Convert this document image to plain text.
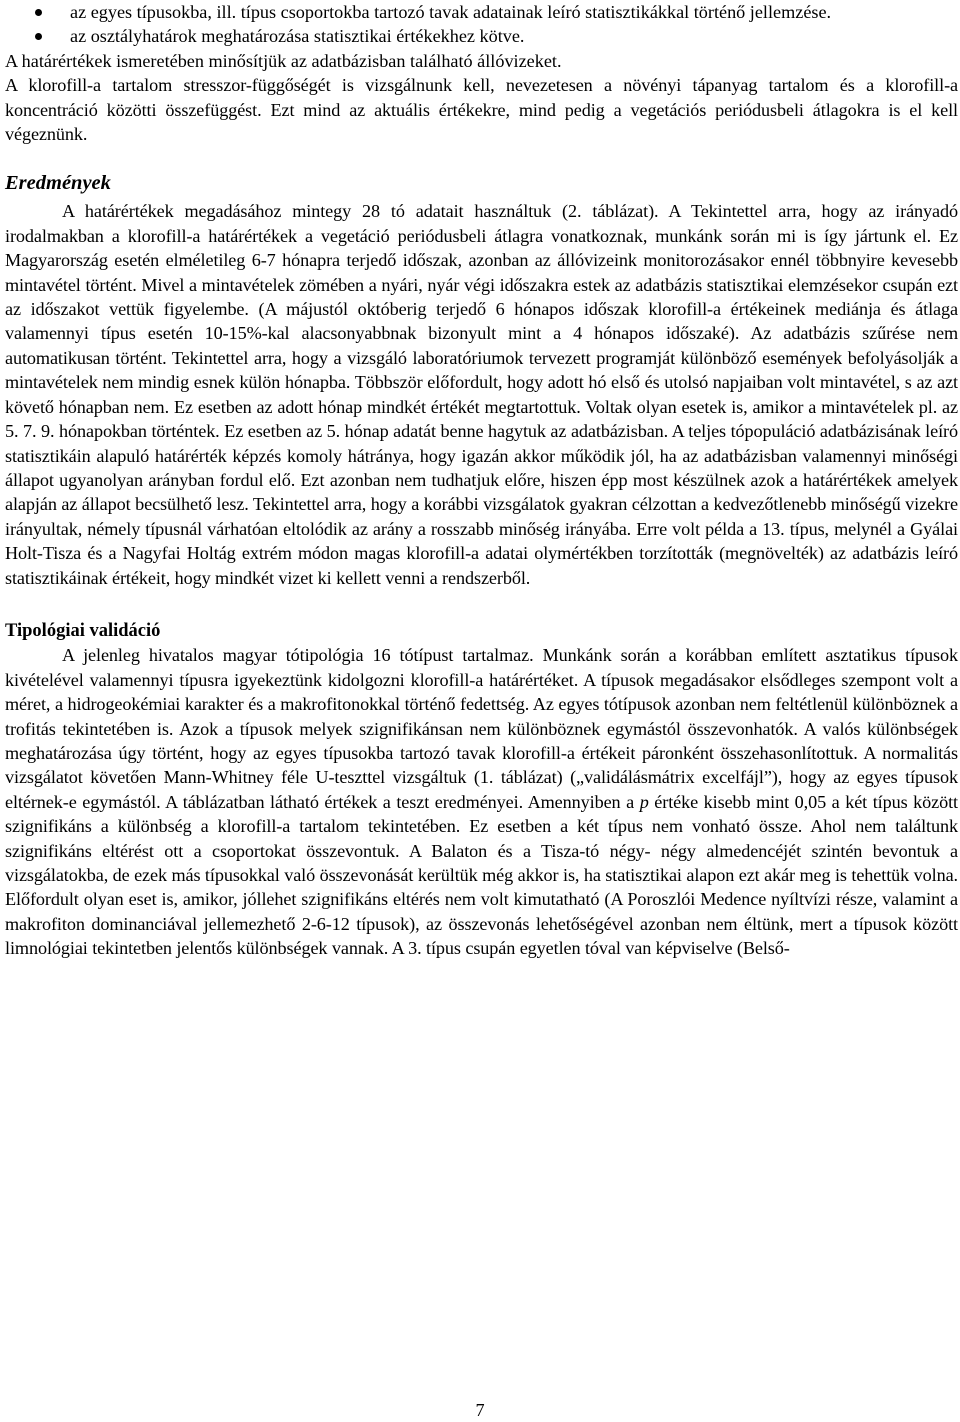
az egyes típusokba, ill. típus csoportokba tartozó tavak adatainak leíró statisztikákkal történő jellemzése.
az osztályhatárok meghatározása statisztikai értékekhez kötve.

A határértékek ismeretében minősítjük az adatbázisban található állóvizeket.

A klorofill-a tartalom stresszor-függőségét is vizsgálnunk kell, nevezetesen a növényi tápanyag tartalom és a klorofill-a koncentráció közötti összefüggést. Ezt mind az aktuális értékekre, mind pedig a vegetációs periódusbeli átlagokra is el kell végeznünk.

Eredmények

A határértékek megadásához mintegy 28 tó adatait használtuk (2. táblázat). A Tekintettel arra, hogy az irányadó irodalmakban a klorofill-a határértékek a vegetáció periódusbeli átlagra vonatkoznak, munkánk során mi is így jártunk el. Ez Magyarország esetén elméletileg 6-7 hónapra terjedő időszak, azonban az állóvizeink monitorozásakor ennél többnyire kevesebb mintavétel történt. Mivel a mintavételek zömében a nyári, nyár végi időszakra estek az adatbázis statisztikai elemzésekor csupán ezt az időszakot vettük figyelembe. (A májustól októberig terjedő 6 hónapos időszak klorofill-a értékeinek mediánja és átlaga valamennyi típus esetén 10-15%-kal alacsonyabbnak bizonyult mint a 4 hónapos időszaké). Az adatbázis szűrése nem automatikusan történt. Tekintettel arra, hogy a vizsgáló laboratóriumok tervezett programját különböző események befolyásolják a mintavételek nem mindig esnek külön hónapba. Többször előfordult, hogy adott hó első és utolsó napjaiban volt mintavétel, s az azt követő hónapban nem. Ez esetben az adott hónap mindkét értékét megtartottuk. Voltak olyan esetek is, amikor a mintavételek pl. az 5. 7. 9. hónapokban történtek. Ez esetben az 5. hónap adatát benne hagytuk az adatbázisban. A teljes tópopuláció adatbázisának leíró statisztikáin alapuló határérték képzés komoly hátránya, hogy igazán akkor működik jól, ha az adatbázisban valamennyi minőségi állapot ugyanolyan arányban fordul elő. Ezt azonban nem tudhatjuk előre, hiszen épp most készülnek azok a határértékek amelyek alapján az állapot becsülhető lesz. Tekintettel arra, hogy a korábbi vizsgálatok gyakran célzottan a kedvezőtlenebb minőségű vizekre irányultak, némely típusnál várhatóan eltolódik az arány a rosszabb minőség irányába. Erre volt példa a 13. típus, melynél a Gyálai Holt-Tisza és a Nagyfai Holtág extrém módon magas klorofill-a adatai olymértékben torzították (megnövelték) az adatbázis leíró statisztikáinak értékeit, hogy mindkét vizet ki kellett venni a rendszerből.

Tipológiai validáció

A jelenleg hivatalos magyar tótipológia 16 tótípust tartalmaz. Munkánk során a korábban említett asztatikus típusok kivételével valamennyi típusra igyekeztünk kidolgozni klorofill-a határértéket. A típusok megadásakor elsődleges szempont volt a méret, a hidrogeokémiai karakter és a makrofitonokkal történő fedettség. Az egyes tótípusok azonban nem feltétlenül különböznek a trofitás tekintetében is. Azok a típusok melyek szignifikánsan nem különböznek egymástól összevonhatók. A valós különbségek meghatározása úgy történt, hogy az egyes típusokba tartozó tavak klorofill-a értékeit páronként összehasonlítottuk. A normalitás vizsgálatot követően Mann-Whitney féle U-teszttel vizsgáltuk (1. táblázat) („validálásmátrix excelfájl”), hogy az egyes típusok eltérnek-e egymástól. A táblázatban látható értékek a teszt eredményei. Amennyiben a p értéke kisebb mint 0,05 a két típus között szignifikáns a különbség a klorofill-a tartalom tekintetében. Ez esetben a két típus nem vonható össze. Ahol nem találtunk szignifikáns eltérést ott a csoportokat összevontuk. A Balaton és a Tisza-tó négy- négy almedencéjét szintén bevontuk a vizsgálatokba, de ezek más típusokkal való összevonását kerültük még akkor is, ha statisztikai alapon ezt akár meg is tehettük volna. Előfordult olyan eset is, amikor, jóllehet szignifikáns eltérés nem volt kimutatható (A Poroszlói Medence nyíltvízi része, valamint a makrofiton dominanciával jellemezhető 2-6-12 típusok), az összevonás lehetőségével azonban nem éltünk, mert a típusok között limnológiai tekintetben jelentős különbségek vannak. A 3. típus csupán egyetlen tóval van képviselve (Belső-

7
